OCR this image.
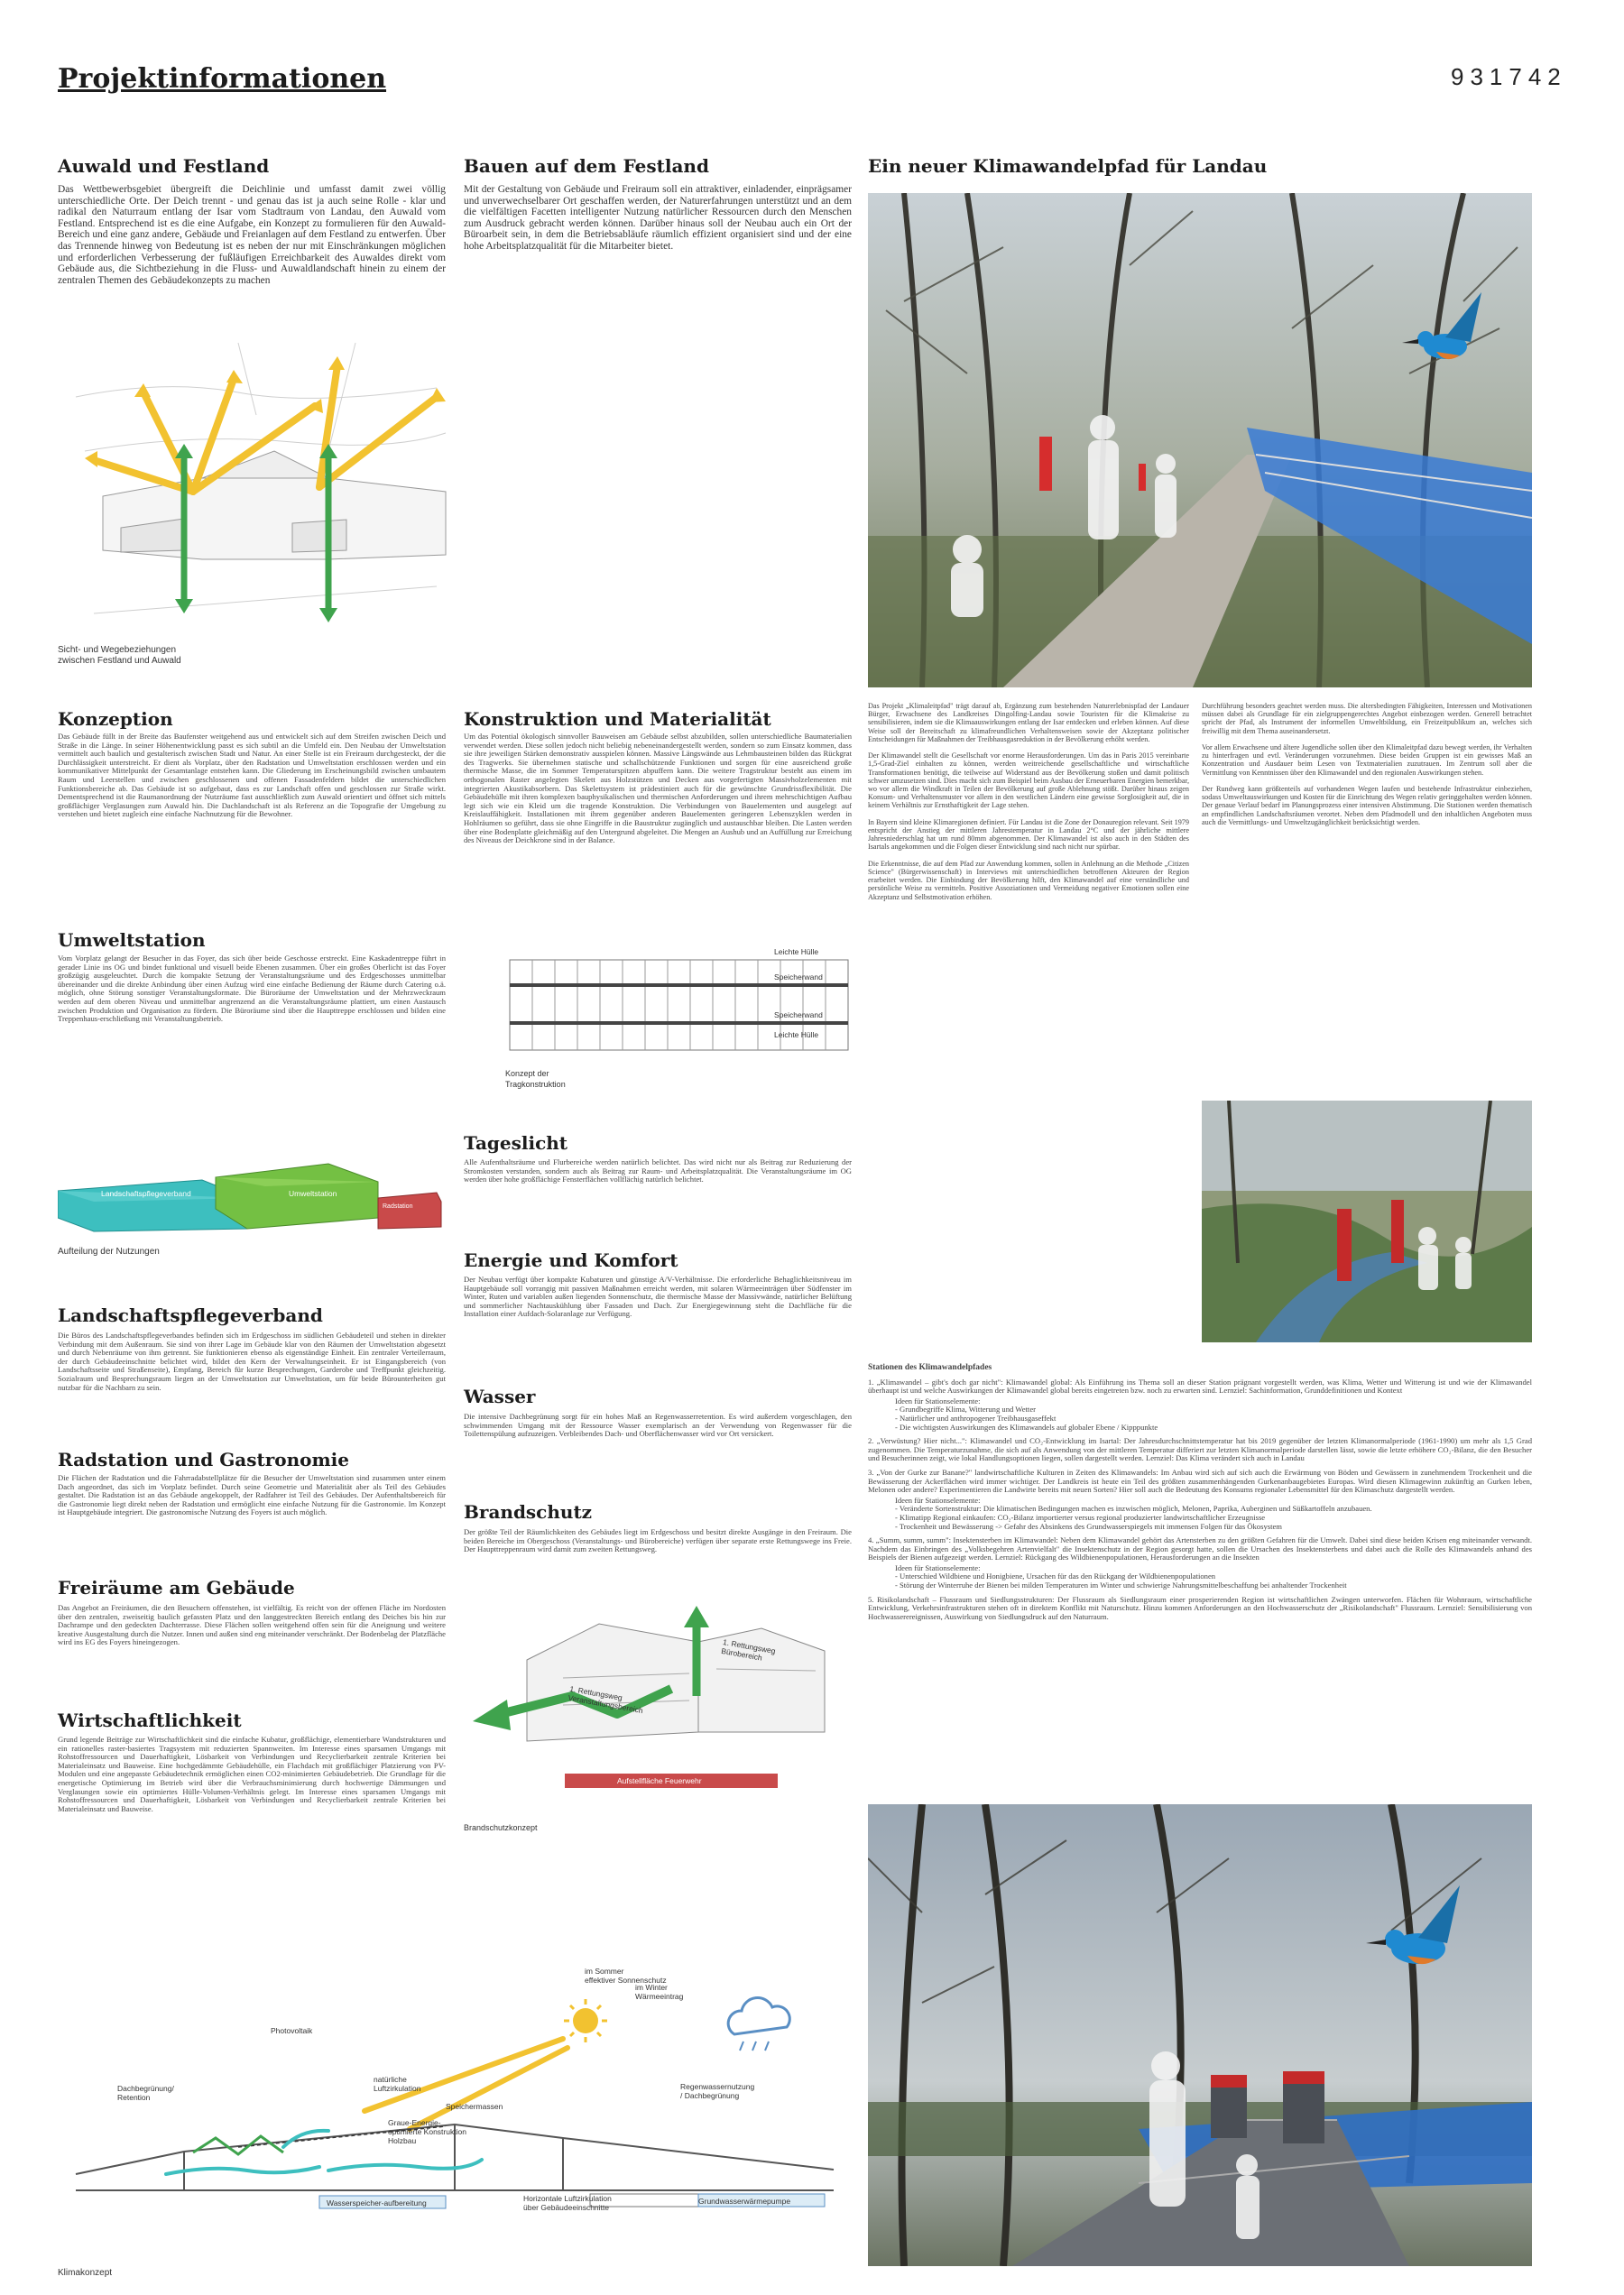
Projektinformationen	931742
Auwald und Festland
Das Wettbewerbsgebiet übergreift die Deichlinie und umfasst damit zwei völlig unterschiedliche Orte. Der Deich trennt - und genau das ist ja auch seine Rolle - klar und radikal den Naturraum entlang der Isar vom Stadtraum von Landau, den Auwald vom Festland. Entsprechend ist es die eine Aufgabe, ein Konzept zu formulieren für den Auwald-Bereich und eine ganz andere, Gebäude und Freianlagen auf dem Festland zu entwerfen. Über das Trennende hinweg von Bedeutung ist es neben der nur mit Einschränkungen möglichen und erforderlichen Verbesserung der fußläufigen Erreichbarkeit des Auwaldes direkt vom Gebäude aus, die Sichtbeziehung in die Fluss- und Auwaldlandschaft hinein zu einem der zentralen Themen des Gebäudekonzepts zu machen
Sicht- und Wegebeziehungen
zwischen Festland und Auwald
Konzeption
Das Gebäude füllt in der Breite das Baufenster weitgehend aus und entwickelt sich auf dem Streifen zwischen Deich und Straße in die Länge. In seiner Höhenentwicklung passt es sich subtil an die Umfeld ein. Den Neubau der Umweltstation vermittelt auch baulich und gestalterisch zwischen Stadt und Natur. An einer Stelle ist ein Freiraum durchgesteckt, der die Durchlässigkeit unterstreicht. Er dient als Vorplatz, über den Radstation und Umweltstation erschlossen werden und ein kommunikativer Mittelpunkt der Gesamtanlage entstehen kann. Die Gliederung im Erscheinungsbild zwischen umbautem Raum und Leerstellen und zwischen geschlossenen und offenen Fassadenfeldern bildet die unterschiedlichen Funktionsbereiche ab. Das Gebäude ist so aufgebaut, dass es zur Landschaft offen und geschlossen zur Straße wirkt. Dementsprechend ist die Raumanordnung der Nutzräume fast ausschließlich zum Auwald orientiert und öffnet sich mittels großflächiger Verglasungen zum Auwald hin. Die Dachlandschaft ist als Referenz an die Topografie der Umgebung zu verstehen und bietet zugleich eine einfache Nachnutzung für die Bewohner.
Umweltstation
Vom Vorplatz gelangt der Besucher in das Foyer, das sich über beide Geschosse erstreckt. Eine Kaskadentreppe führt in gerader Linie ins OG und bindet funktional und visuell beide Ebenen zusammen. Über ein großes Oberlicht ist das Foyer großzügig ausgeleuchtet. Durch die kompakte Setzung der Veranstaltungsräume und des Erdgeschosses unmittelbar übereinander und die direkte Anbindung über einen Aufzug wird eine einfache Bedienung der Räume durch Catering o.ä. möglich, ohne Störung sonstiger Veranstaltungsformate. Die Büroräume der Umweltstation und der Mehrzweckraum werden auf dem oberen Niveau und unmittelbar angrenzend an die Veranstaltungsräume plattiert, um einen Austausch zwischen Produktion und Organisation zu fördern. Die Büroräume sind über die Haupttreppe erschlossen und bilden eine Treppenhaus-erschließung mit Veranstaltungsbetrieb.
Landschaftspflegeverband	Umweltstation
Radstation
Aufteilung der Nutzungen
Landschaftspflegeverband
Die Büros des Landschaftspflegeverbandes befinden sich im Erdgeschoss im südlichen Gebäudeteil und stehen in direkter Verbindung mit dem Außenraum. Sie sind von ihrer Lage im Gebäude klar von den Räumen der Umweltstation abgesetzt und durch Nebenräume von ihm getrennt. Sie funktionieren ebenso als eigenständige Einheit. Ein zentraler Verteilerraum, der durch Gebäudeeinschnitte belichtet wird, bildet den Kern der Verwaltungseinheit. Er ist Eingangsbereich (von Landschaftsseite und Straßenseite), Empfang, Bereich für kurze Besprechungen, Garderobe und Treffpunkt gleichzeitig. Sozialraum und Besprechungsraum liegen an der Umweltstation zur Umweltstation, um für beide Bürounterheiten gut nutzbar für die Nachbarn zu sein.
Radstation und Gastronomie
Die Flächen der Radstation und die Fahrradabstellplätze für die Besucher der Umweltstation sind zusammen unter einem Dach angeordnet, das sich im Vorplatz befindet. Durch seine Geometrie und Materialität aber als Teil des Gebäudes gestaltet. Die Radstation ist an das Gebäude angekoppelt, der Radfahrer ist Teil des Gebäudes. Der Aufenthaltsbereich für die Gastronomie liegt direkt neben der Radstation und ermöglicht eine einfache Nutzung für die Gastronomie. Im Konzept ist Hauptgebäude integriert. Die gastronomische Nutzung des Foyers ist auch möglich.
Freiräume am Gebäude
Das Angebot an Freiräumen, die den Besuchern offenstehen, ist vielfältig. Es reicht von der offenen Fläche im Nordosten über den zentralen, zweiseitig baulich gefassten Platz und den langgestreckten Bereich entlang des Deiches bis hin zur Dachrampe und den gedeckten Dachterrasse. Diese Flächen sollen weitgehend offen sein für die Aneignung und weitere kreative Ausgestaltung durch die Nutzer. Innen und außen sind eng miteinander verschränkt. Der Bodenbelag der Platzfläche wird ins EG des Foyers hineingezogen.
Wirtschaftlichkeit
Grund legende Beiträge zur Wirtschaftlichkeit sind die einfache Kubatur, großflächige, elementierbare Wandstrukturen und ein rationelles raster-basiertes Tragsystem mit reduzierten Spannweiten. Im Interesse eines sparsamen Umgangs mit Rohstoffressourcen und Dauerhaftigkeit, Lösbarkeit von Verbindungen und Recyclierbarkeit zentrale Kriterien bei Materialeinsatz und Bauweise. Eine hochgedämmte Gebäudehülle, ein Flachdach mit großflächiger Platzierung von PV-Modulen und eine angepasste Gebäudetechnik ermöglichen einen CO2-minimierten Gebäudebetrieb. Die Grundlage für die energetische Optimierung im Betrieb wird über die Verbrauchsminimierung durch hochwertige Dämmungen und Verglasungen sowie ein optimiertes Hülle-Volumen-Verhältnis gelegt. Im Interesse eines sparsamen Umgangs mit Rohstoffressourcen und Dauerhaftigkeit, Lösbarkeit von Verbindungen und Recyclierbarkeit zentrale Kriterien bei Materialeinsatz und Bauweise.
im Sommer
effektiver Sonnenschutz
im Winter
Wärmeeintrag
Photovoltaik
Dachbegrünung/
Retention
natürliche
Luftzirkulation
Speichermassen
Graue-Energie-
optimierte Konstruktion
Holzbau
Regenwassernutzung
/ Dachbegrünung
Wasserspeicher-aufbereitung	Horizontale Luftzirkulation
über Gebäudeeinschnitte
Grundwasserwärmepumpe
Klimakonzept
Bauen auf dem Festland
Mit der Gestaltung von Gebäude und Freiraum soll ein attraktiver, einladender, einprägsamer und unverwechselbarer Ort geschaffen werden, der Naturerfahrungen unterstützt und an dem die vielfältigen Facetten intelligenter Nutzung natürlicher Ressourcen durch den Menschen zum Ausdruck gebracht werden können. Darüber hinaus soll der Neubau auch ein Ort der Büroarbeit sein, in dem die Betriebsabläufe räumlich effizient organisiert sind und der eine hohe Arbeitsplatzqualität für die Mitarbeiter bietet.
Konstruktion und Materialität
Um das Potential ökologisch sinnvoller Bauweisen am Gebäude selbst abzubilden, sollen unterschiedliche Baumaterialien verwendet werden. Diese sollen jedoch nicht beliebig nebeneinandergestellt werden, sondern so zum Einsatz kommen, dass sie ihre jeweiligen Stärken demonstrativ ausspielen können. Massive Längswände aus Lehmbausteinen bilden das Rückgrat des Tragwerks. Sie übernehmen statische und schallschützende Funktionen und sorgen für eine ausreichend große thermische Masse, die im Sommer Temperaturspitzen abpuffern kann. Die weitere Tragstruktur besteht aus einem im orthogonalen Raster angelegten Skelett aus Holzstützen und Decken aus vorgefertigten Massivholzelementen mit integrierten Akustikabsorbern. Das Skelettsystem ist prädestiniert auch für die gewünschte Grundrissflexibilität. Die Gebäudehülle mit ihren komplexen bauphysikalischen und thermischen Anforderungen und ihrem mehrschichtigen Aufbau legt sich wie ein Kleid um die tragende Konstruktion. Die Verbindungen von Bauelementen und ausgelegt auf Kreislauffähigkeit. Installationen mit ihrem gegenüber anderen Bauelementen geringeren Lebenszyklen werden in Hohlräumen so geführt, dass sie ohne Eingriffe in die Baustruktur zugänglich und austauschbar bleiben. Die Lasten werden über eine Bodenplatte gleichmäßig auf den Untergrund abgeleitet. Die Mengen an Aushub und an Auffüllung zur Erreichung des Niveaus der Deichkrone sind in der Balance.
Leichte Hülle
Speicherwand
Speicherwand
Leichte Hülle
Konzept der
Tragkonstruktion
Tageslicht
Alle Aufenthaltsräume und Flurbereiche werden natürlich belichtet. Das wird nicht nur als Beitrag zur Reduzierung der Stromkosten verstanden, sondern auch als Beitrag zur Raum- und Arbeitsplatzqualität. Die Veranstaltungsräume im OG werden über hohe großflächige Fensterflächen vollflächig natürlich belichtet.
Energie und Komfort
Der Neubau verfügt über kompakte Kubaturen und günstige A/V-Verhältnisse. Die erforderliche Behaglichkeitsniveau im Hauptgebäude soll vorrangig mit passiven Maßnahmen erreicht werden, mit solaren Wärmeeinträgen über Südfenster im Winter, Ruten und variablen außen liegenden Sonnenschutz, die thermische Masse der Massivwände, natürlicher Belüftung und sommerlicher Nachtauskühlung über Fassaden und Dach. Zur Energiegewinnung steht die Dachfläche für die Installation einer Aufdach-Solaranlage zur Verfügung.
Wasser
Die intensive Dachbegrünung sorgt für ein hohes Maß an Regenwasserretention. Es wird außerdem vorgeschlagen, den schwimmenden Umgang mit der Ressource Wasser exemplarisch an der Verwendung von Regenwasser für die Toilettenspülung aufzuzeigen. Verbleibendes Dach- und Oberflächenwasser wird vor Ort versickert.
Brandschutz
Der größte Teil der Räumlichkeiten des Gebäudes liegt im Erdgeschoss und besitzt direkte Ausgänge in den Freiraum. Die beiden Bereiche im Obergeschoss (Veranstaltungs- und Bürobereiche) verfügen über separate erste Rettungswege ins Freie. Der Haupttreppenraum wird damit zum zweiten Rettungsweg.
1. Rettungsweg
Veranstaltungsbereich
1. Rettungsweg
Bürobereich
Aufstellfläche Feuerwehr
Brandschutzkonzept
Ein neuer Klimawandelpfad für Landau
Das Projekt „Klimaleitpfad" trägt darauf ab, Ergänzung zum bestehenden Naturerlebnispfad der Landauer Bürger, Erwachsene des Landkreises Dingolfing-Landau sowie Touristen für die Klimakrise zu sensibilisieren, indem sie die Klimaauswirkungen entlang der Isar entdecken und erleben können. Auf diese Weise soll der Bereitschaft zu klimafreundlichen Verhaltensweisen sowie der Akzeptanz politischer Entscheidungen für Maßnahmen der Treibhausgasreduktion in der Bevölkerung erhöht werden.

Der Klimawandel stellt die Gesellschaft vor enorme Herausforderungen. Um das in Paris 2015 vereinbarte 1,5-Grad-Ziel einhalten zu können, werden weitreichende gesellschaftliche und wirtschaftliche Transformationen benötigt, die teilweise auf Widerstand aus der Bevölkerung stoßen und damit politisch schwer umzusetzen sind. Dies macht sich zum Beispiel beim Ausbau der Erneuerbaren Energien bemerkbar, wo vor allem die Windkraft in Teilen der Bevölkerung auf große Ablehnung stößt. Darüber hinaus zeigen Konsum- und Verhaltensmuster vor allem in den westlichen Ländern eine gewisse Sorglosigkeit auf, die in keinem Verhältnis zur Ernsthaftigkeit der Lage stehen.

In Bayern sind kleine Klimaregionen definiert. Für Landau ist die Zone der Donauregion relevant. Seit 1979 entspricht der Anstieg der mittleren Jahrestemperatur in Landau 2°C und der jährliche mittlere Jahresniederschlag hat um rund 80mm abgenommen. Der Klimawandel ist also auch in den Städten des Isartals angekommen und die Folgen dieser Entwicklung sind nach nicht nur spürbar.

Die Erkenntnisse, die auf dem Pfad zur Anwendung kommen, sollen in Anlehnung an die Methode „Citizen Science" (Bürgerwissenschaft) in Interviews mit unterschiedlichen betroffenen Akteuren der Region erarbeitet werden. Die Einbindung der Bevölkerung hilft, den Klimawandel auf eine verständliche und persönliche Weise zu vermitteln. Positive Assoziationen und Vermeidung negativer Emotionen sollen eine Akzeptanz und Selbstmotivation erhöhen.
Durchführung besonders geachtet werden muss. Die altersbedingten Fähigkeiten, Interessen und Motivationen müssen dabei als Grundlage für ein zielgruppengerechtes Angebot einbezogen werden. Generell betrachtet spricht der Pfad, als Instrument der informellen Umweltbildung, ein Freizeitpublikum an, welches sich freiwillig mit dem Thema auseinandersetzt.

Vor allem Erwachsene und ältere Jugendliche sollen über den Klimaleitpfad dazu bewegt werden, ihr Verhalten zu hinterfragen und evtl. Veränderungen vorzunehmen. Diese beiden Gruppen ist ein gewisses Maß an Konzentration und Ausdauer beim Lesen von Textmaterialien zuzutrauen. Im Zentrum soll aber die Vermittlung von Kenntnissen über den Klimawandel und den regionalen Auswirkungen stehen.

Der Rundweg kann größtenteils auf vorhandenen Wegen laufen und bestehende Infrastruktur einbeziehen, sodass Umweltauswirkungen und Kosten für die Einrichtung des Wegen relativ geringgehalten werden können. Der genaue Verlauf bedarf im Planungsprozess einer intensiven Abstimmung. Die Stationen werden thematisch an empfindlichen Landschaftsräumen verortet. Neben dem Pfadmodell und den inhaltlichen Angeboten muss auch die Vermittlungs- und Umweltzugänglichkeit berücksichtigt werden.
Stationen des Klimawandelpfades
1. „Klimawandel – gibt's doch gar nicht": Klimawandel global: Als Einführung ins Thema soll an dieser Station prägnant vorgestellt werden, was Klima, Wetter und Witterung ist und wie der Klimawandel überhaupt ist und welche Auswirkungen der Klimawandel global bereits eingetreten bzw. noch zu erwarten sind. Lernziel: Sachinformation, Grunddefinitionen und Kontext
Ideen für Stationselemente:
- Grundbegriffe Klima, Witterung und Wetter
- Natürlicher und anthropogener Treibhausgaseffekt
- Die wichtigsten Auswirkungen des Klimawandels auf globaler Ebene / Kipppunkte
2. „Verwüstung? Hier nicht...": Klimawandel und CO₂-Entwicklung im Isartal: Der Jahresdurchschnittstemperatur hat bis 2019 gegenüber der letzten Klimanormalperiode (1961-1990) um mehr als 1,5 Grad zugenommen. Die Temperaturzunahme, die sich auf als Anwendung von der mittleren Temperatur differiert zur letzten Klimanormalperiode darstellen lässt, sowie die letzte erhöhere CO₂-Bilanz, die den Besucher und Besucherinnen zeigt, wie lokal Handlungsoptionen liegen, sollen dargestellt werden. Lernziel: Das Klima verändert sich auch in Landau
3. „Von der Gurke zur Banane?" landwirtschaftliche Kulturen in Zeiten des Klimawandels: Im Anbau wird sich auf sich auch die Erwärmung von Böden und Gewässern in zunehmendem Trockenheit und die Bewässerung der Ackerflächen wird immer wichtiger. Der Landkreis ist heute ein Teil des größten zusammenhängenden Gurkenanbaugebietes Europas. Wird diesen Klimagewinn zukünftig an Gurken leben, Melonen oder andere? Experimentieren die Landwirte bereits mit neuen Sorten? Hier soll auch die Bedeutung des Konsums regionaler Lebensmittel für den Klimaschutz dargestellt werden.
Ideen für Stationselemente:
- Veränderte Sortenstruktur: Die klimatischen Bedingungen machen es inzwischen möglich, Melonen, Paprika, Auberginen und Süßkartoffeln anzubauen.
- Klimatipp Regional einkaufen: CO₂-Bilanz importierter versus regional produzierter landwirtschaftlicher Erzeugnisse
- Trockenheit und Bewässerung -> Gefahr des Absinkens des Grundwasserspiegels mit immensen Folgen für das Ökosystem
4. „Summ, summ, summ": Insektensterben im Klimawandel: Neben dem Klimawandel gehört das Artensterben zu den größten Gefahren für die Umwelt. Dabei sind diese beiden Krisen eng miteinander verwandt. Nachdem das Einbringen des „Volksbegehren Artenvielfalt" die Insektenschutz in der Region gesorgt hatte, sollen die Ursachen des Insektensterbens und dabei auch die Rolle des Klimawandels anhand des Beispiels der Bienen aufgezeigt werden. Lernziel: Rückgang des Wildbienenpopulationen, Herausforderungen an die Insekten
Ideen für Stationselemente:
- Unterschied Wildbiene und Honigbiene, Ursachen für das den Rückgang der Wildbienenpopulationen
- Störung der Winterruhe der Bienen bei milden Temperaturen im Winter und schwierige Nahrungsmittelbeschaffung bei anhaltender Trockenheit
5. Risikolandschaft – Flussraum und Siedlungsstrukturen: Der Flussraum als Siedlungsraum einer prosperierenden Region ist wirtschaftlichen Zwängen unterworfen. Flächen für Wohnraum, wirtschaftliche Entwicklung, Verkehrsinfrastrukturen stehen oft in direktem Konflikt mit Naturschutz. Hinzu kommen Anforderungen an den Hochwasserschutz der „Risikolandschaft" Flussraum. Lernziel: Sensibilisierung von Hochwasserereignissen, Auswirkung von Siedlungsdruck auf den Naturraum.
